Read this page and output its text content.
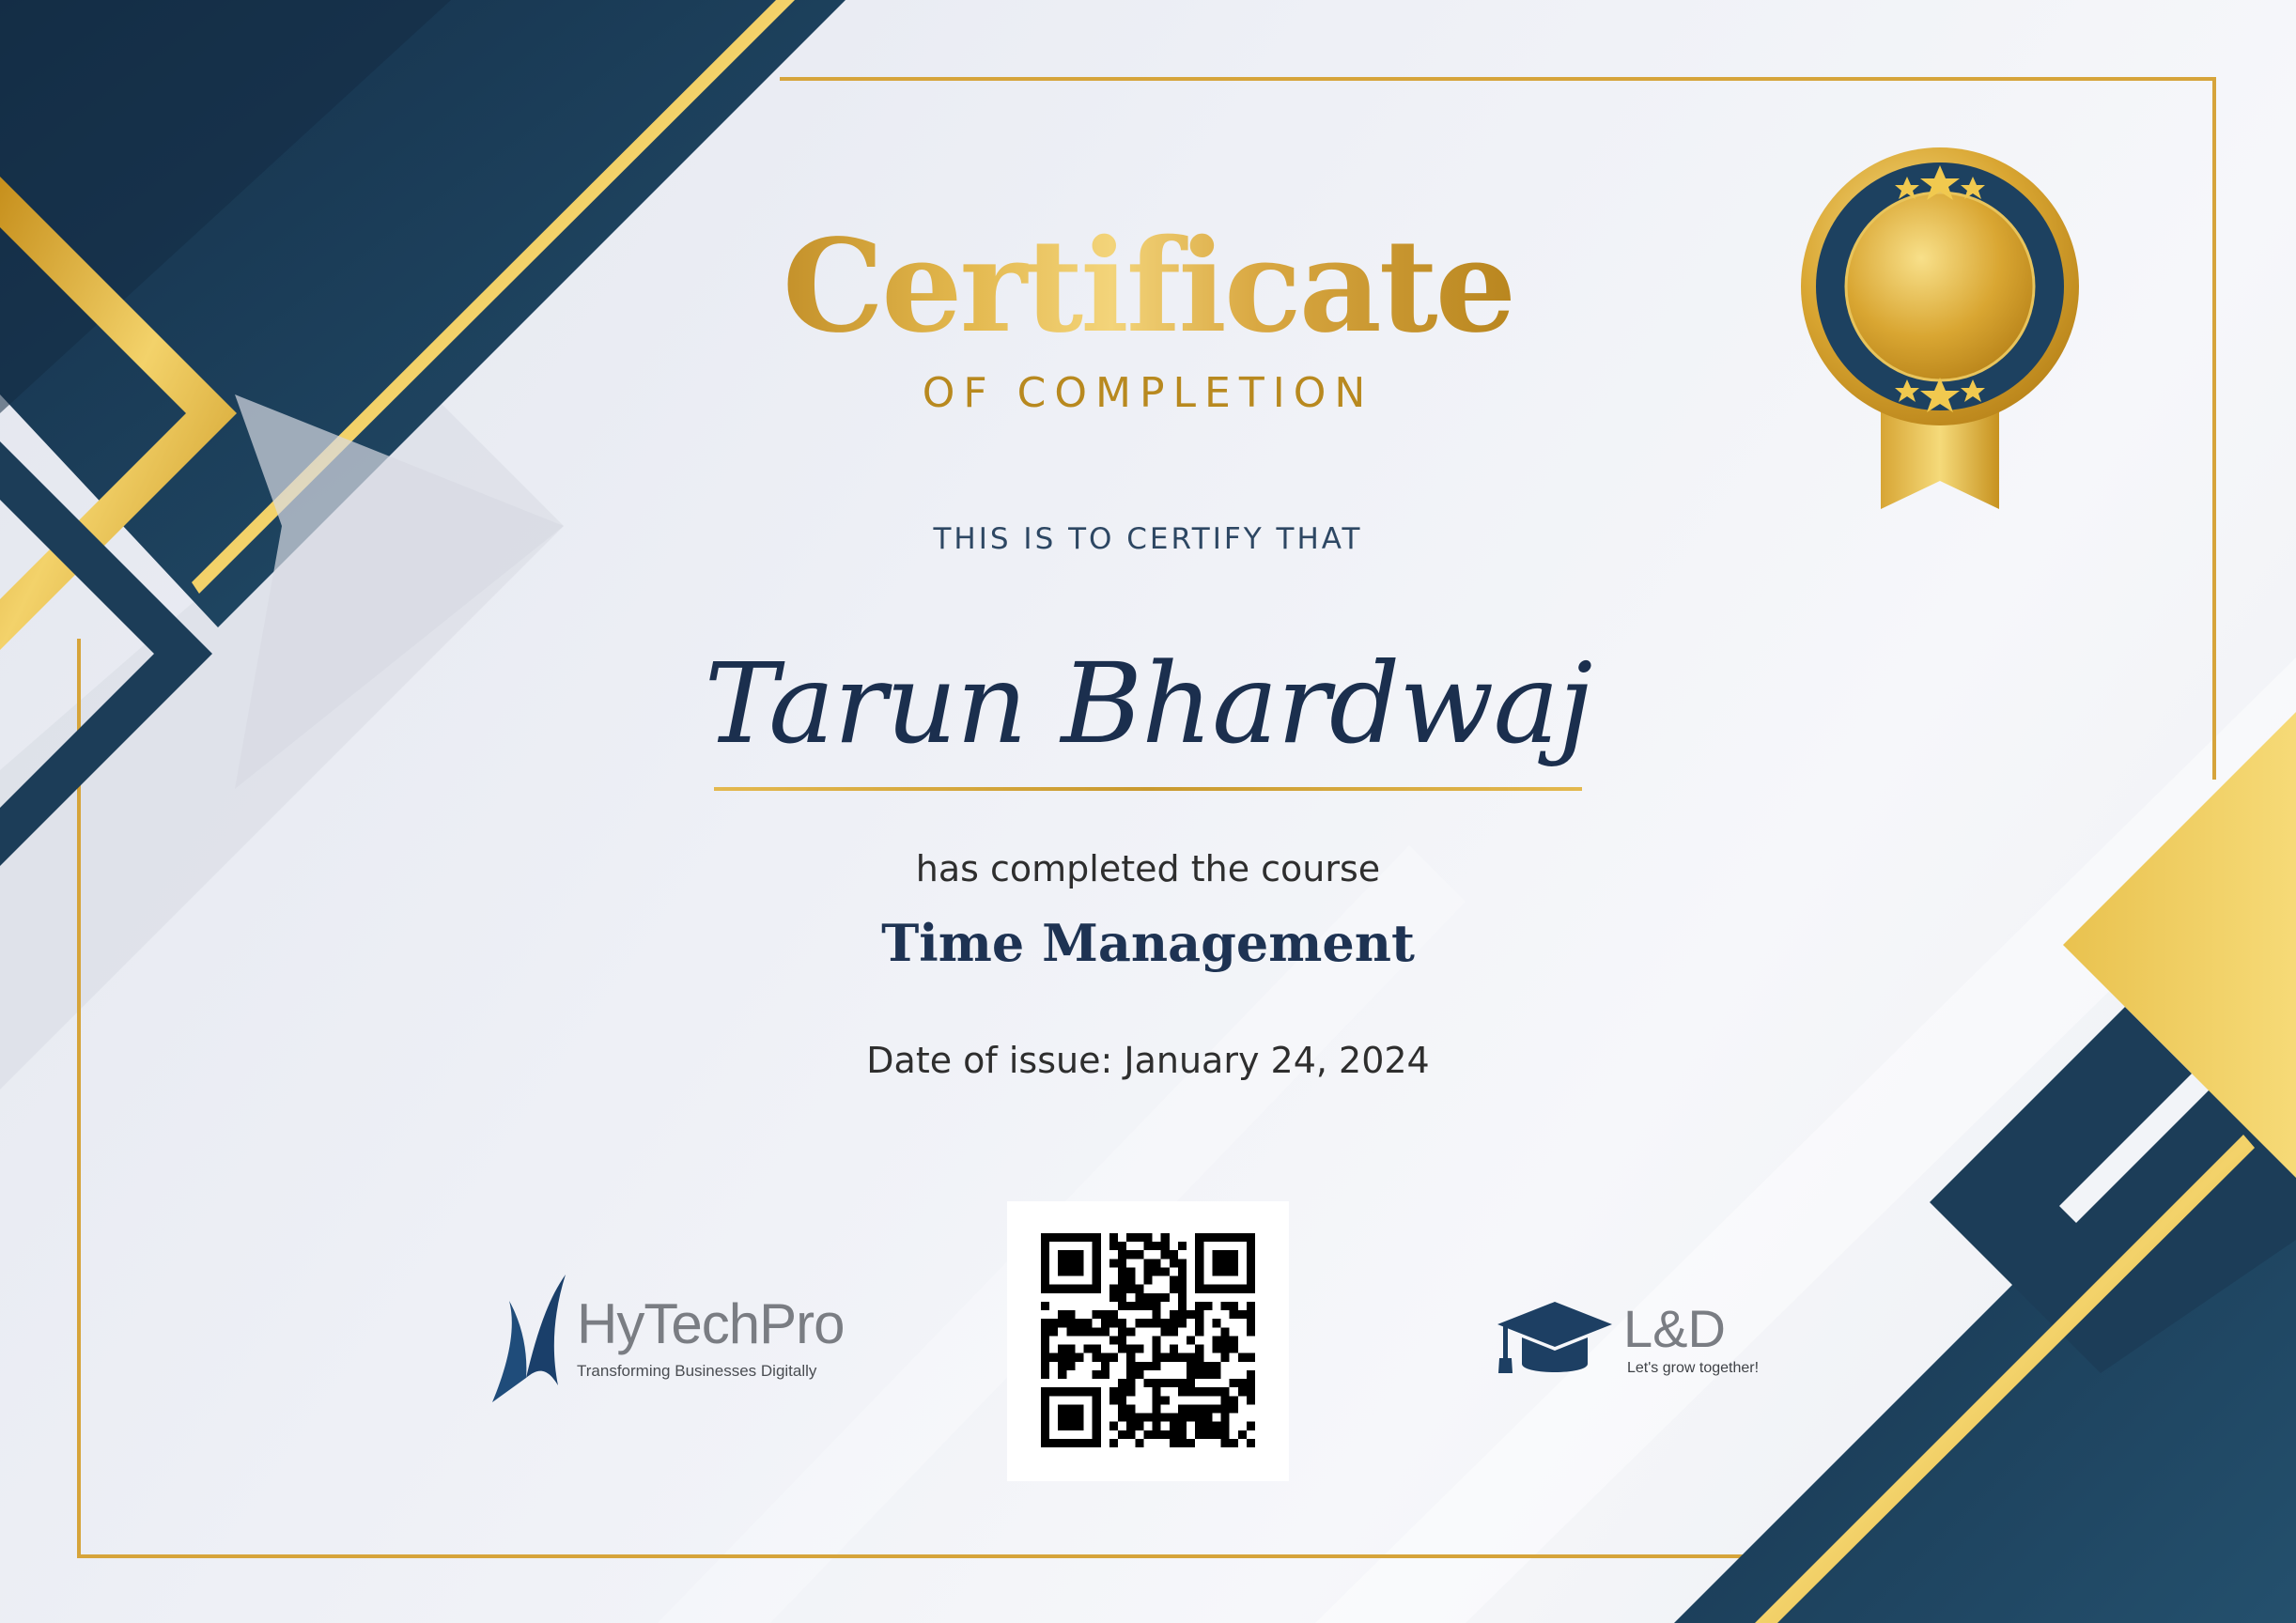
Certificate
OF COMPLETION
THIS IS TO CERTIFY THAT
Tarun Bhardwaj
has completed the course
Time Management
Date of issue: January 24, 2024
HyTechPro
Transforming Businesses Digitally
L&D
Let's grow together!
